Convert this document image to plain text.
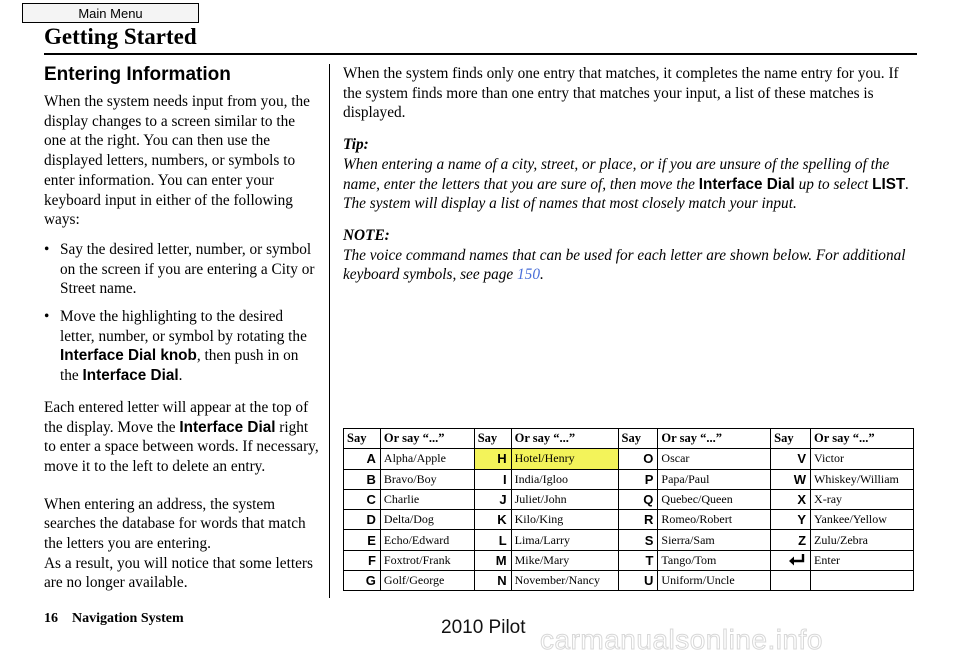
Main Menu
Getting Started
Entering Information

When the system needs input from you, the display changes to a screen similar to the one at the right. You can then use the displayed letters, numbers, or symbols to enter information. You can enter your keyboard input in either of the following ways:

• Say the desired letter, number, or symbol on the screen if you are entering a City or Street name.
• Move the highlighting to the desired letter, number, or symbol by rotating the Interface Dial knob, then push in on the Interface Dial.

Each entered letter will appear at the top of the display. Move the Interface Dial right to enter a space between words. If necessary, move it to the left to delete an entry.

When entering an address, the system searches the database for words that match the letters you are entering.

As a result, you will notice that some letters are no longer available.

When the system finds only one entry that matches, it completes the name entry for you. If the system finds more than one entry that matches your input, a list of these matches is displayed.

Tip:

When entering a name of a city, street, or place, or if you are unsure of the spelling of the name, enter the letters that you are sure of, then move the Interface Dial up to select LIST. The system will display a list of names that most closely match your input.

NOTE:

The voice command names that can be used for each letter are shown below. For additional keyboard symbols, see page 150.

Say	Or say “...”	Say	Or say “...”	Say	Or say “...”	Say	Or say “...”
A	Alpha/Apple	H	Hotel/Henry	O	Oscar	V	Victor
B	Bravo/Boy	I	India/Igloo	P	Papa/Paul	W	Whiskey/William
C	Charlie	J	Juliet/John	Q	Quebec/Queen	X	X-ray
D	Delta/Dog	K	Kilo/King	R	Romeo/Robert	Y	Yankee/Yellow
E	Echo/Edward	L	Lima/Larry	S	Sierra/Sam	Z	Zulu/Zebra
F	Foxtrot/Frank	M	Mike/Mary	T	Tango/Tom		Enter
G	Golf/George	N	November/Nancy	U	Uniform/Uncle		
16 Navigation System	2010 Pilot carmanualsonline.info
